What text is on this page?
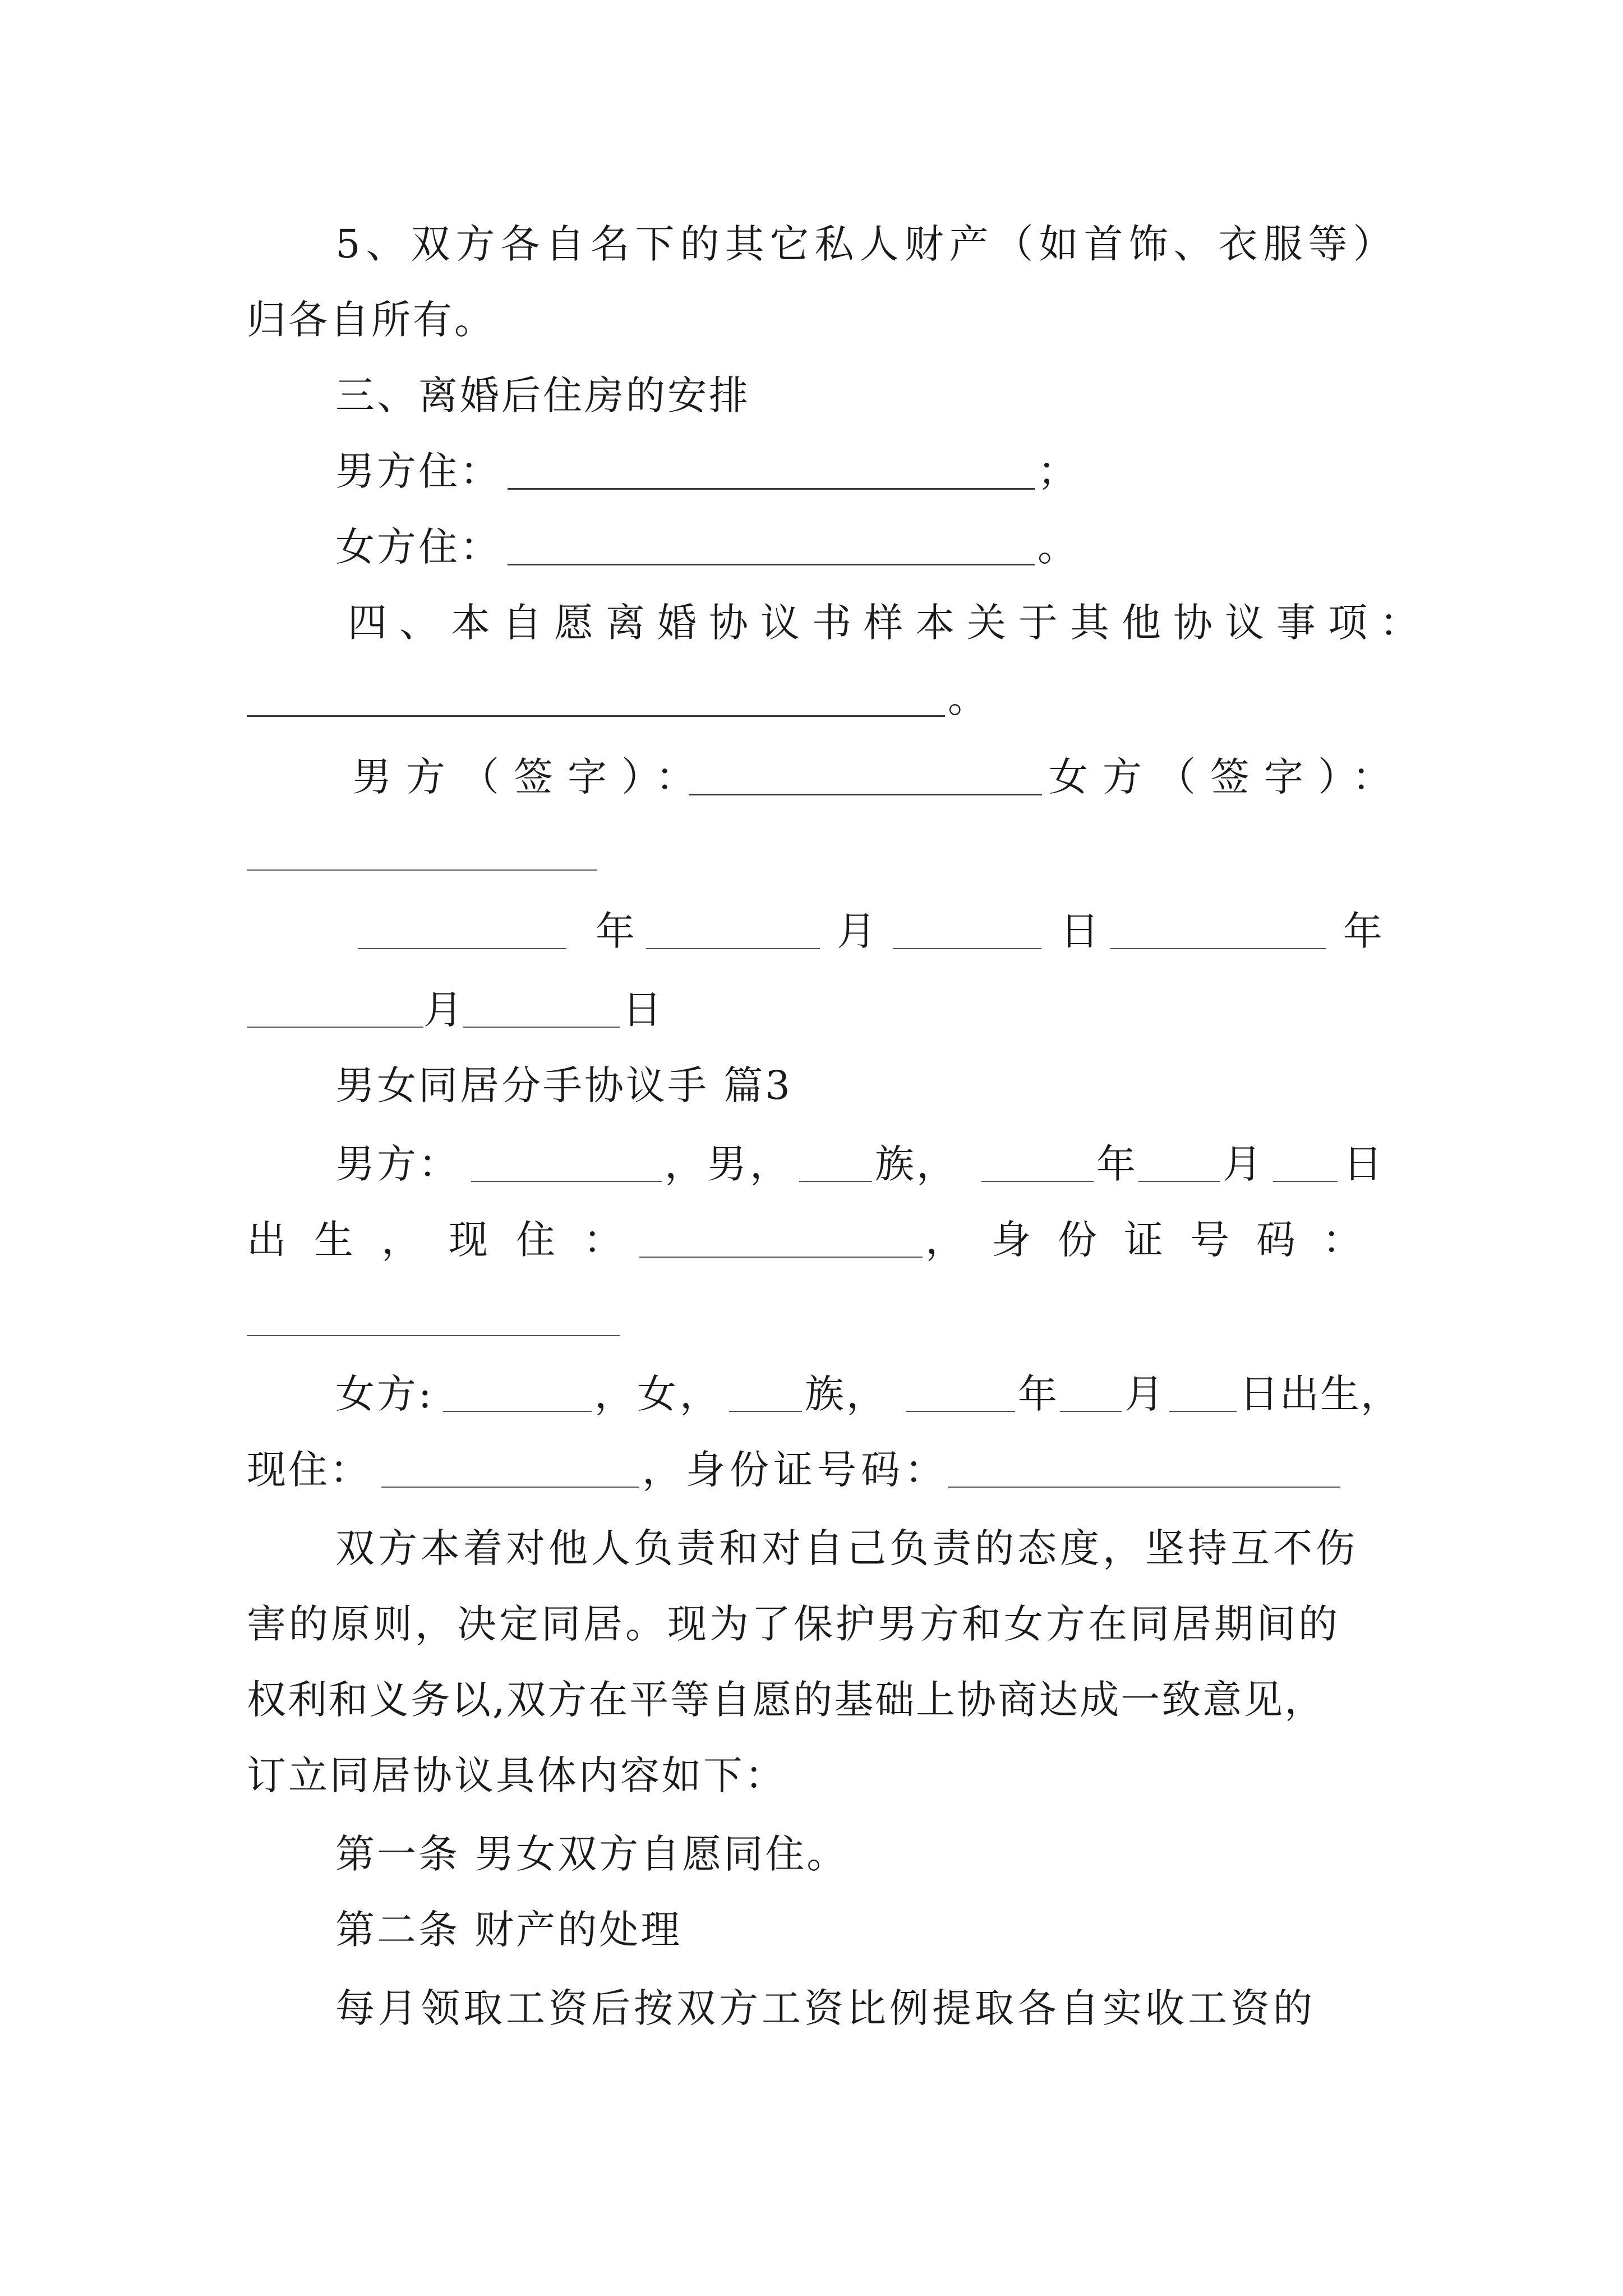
5、双方各自名下的其它私人财产（如首饰、衣服等）
归各自所有。
三、离婚后住房的安排
男方住：	；
女方住：	。
四、本自愿离婚协议书样本关于其他协议事项：
。
男方（签字）：	女方（签字）：
年	月	日	年
月	日
男女同居分手协议手 篇3
男方：	，男， 族，	年 月 日
出生，现住：	，身份证号码：
女方:	，女， 族，	年 月 日出生，
现住：	，身份证号码：
双方本着对他人负责和对自己负责的态度，坚持互不伤
害的原则，决定同居。现为了保护男方和女方在同居期间的
权利和义务以,双方在平等自愿的基础上协商达成一致意见，
订立同居协议具体内容如下：
第一条 男女双方自愿同住。
第二条 财产的处理
每月领取工资后按双方工资比例提取各自实收工资的
